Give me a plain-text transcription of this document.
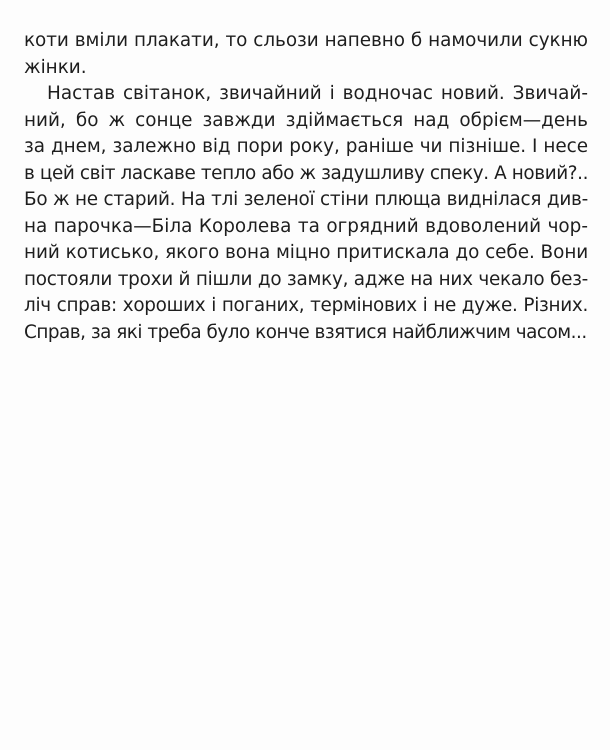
коти вміли плакати, то сльози напевно б намочили сукню
жінки.
Настав світанок, звичайний і водночас новий. Звичай-
ний, бо ж сонце завжди здіймається над обрієм—день
за днем, залежно від пори року, раніше чи пізніше. І несе
в цей світ ласкаве тепло або ж задушливу спеку. А новий?..
Бо ж не старий. На тлі зеленої стіни плюща виднілася див-
на парочка—Біла Королева та огрядний вдоволений чор-
ний котисько, якого вона міцно притискала до себе. Вони
постояли трохи й пішли до замку, адже на них чекало без-
ліч справ: хороших і поганих, термінових і не дуже. Різних.
Справ, за які треба було конче взятися найближчим часом...
